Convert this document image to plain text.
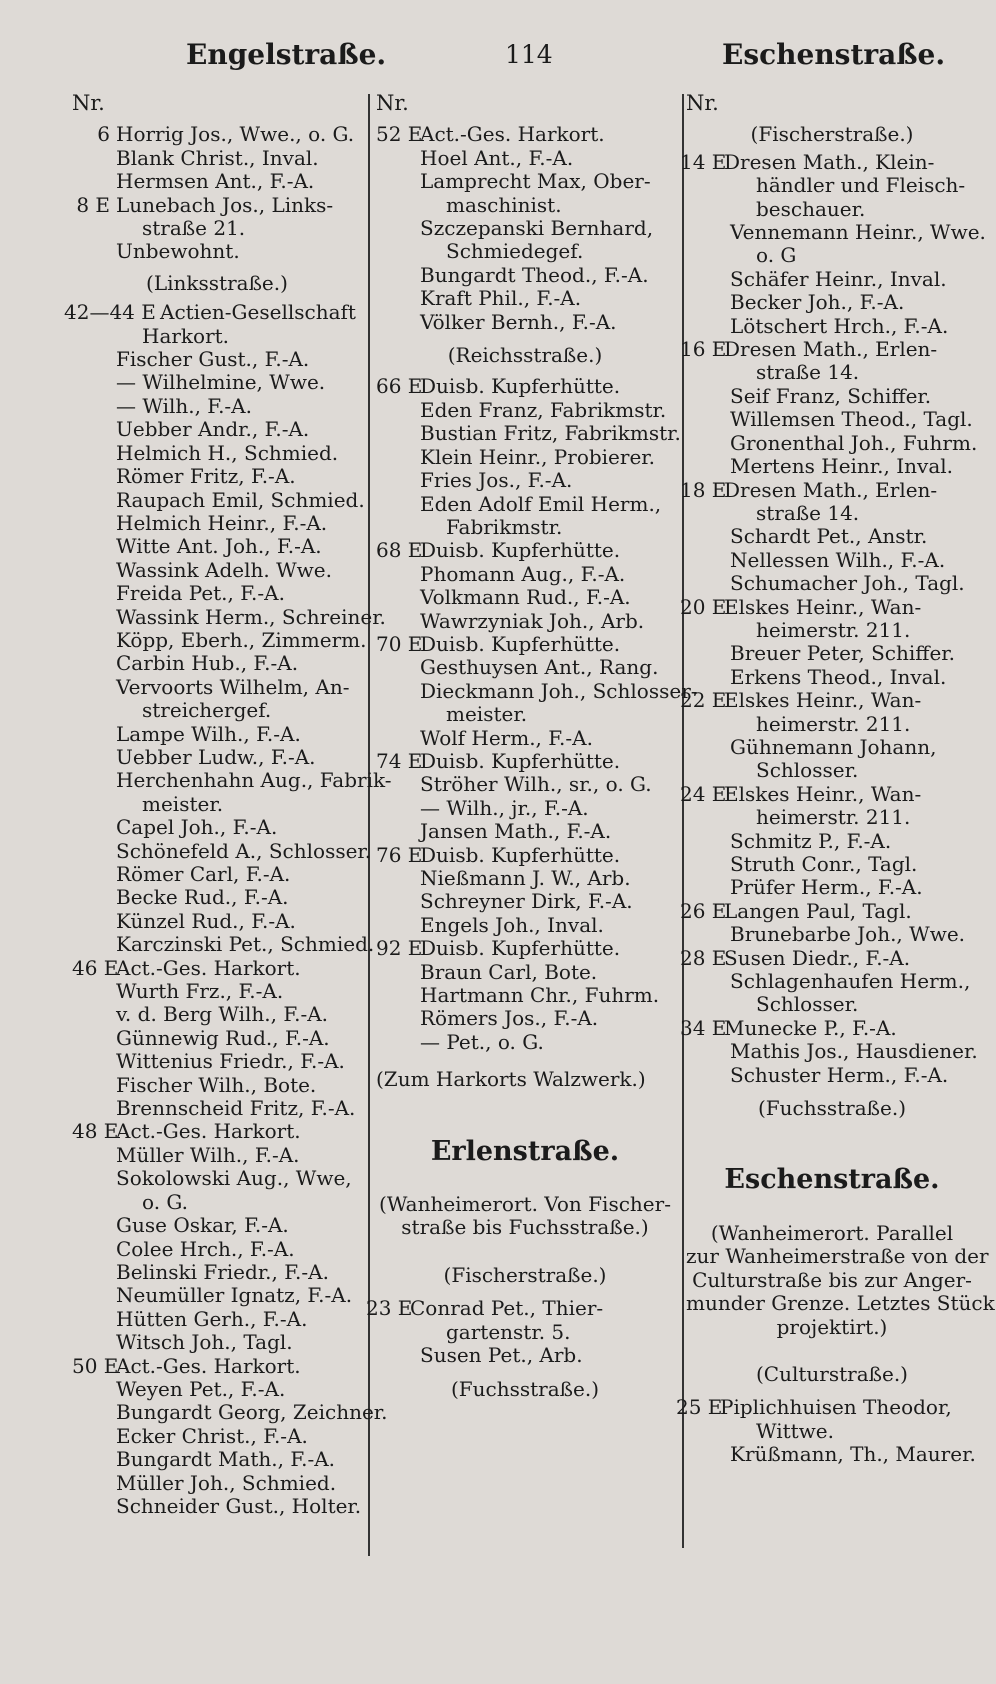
Engelstraße.	114	Eschenstraße.
Nr.
6 Horrig Jos., Wwe., o. G.
Blank Christ., Inval.
Hermsen Ant., F.-A.
8 E Lunebach Jos., Links-
straße 21.
Unbewohnt.
(Linksstraße.)
42—44 E Actien-Gesellschaft
Harkort.
Fischer Gust., F.-A.
— Wilhelmine, Wwe.
— Wilh., F.-A.
Uebber Andr., F.-A.
Helmich H., Schmied.
Römer Fritz, F.-A.
Raupach Emil, Schmied.
Helmich Heinr., F.-A.
Witte Ant. Joh., F.-A.
Wassink Adelh. Wwe.
Freida Pet., F.-A.
Wassink Herm., Schreiner.
Köpp, Eberh., Zimmerm.
Carbin Hub., F.-A.
Vervoorts Wilhelm, An-
streichergef.
Lampe Wilh., F.-A.
Uebber Ludw., F.-A.
Herchenhahn Aug., Fabrik-
meister.
Capel Joh., F.-A.
Schönefeld A., Schlosser.
Römer Carl, F.-A.
Becke Rud., F.-A.
Künzel Rud., F.-A.
Karczinski Pet., Schmied.
46 EAct.-Ges. Harkort.
Wurth Frz., F.-A.
v. d. Berg Wilh., F.-A.
Günnewig Rud., F.-A.
Wittenius Friedr., F.-A.
Fischer Wilh., Bote.
Brennscheid Fritz, F.-A.
48 EAct.-Ges. Harkort.
Müller Wilh., F.-A.
Sokolowski Aug., Wwe,
o. G.
Guse Oskar, F.-A.
Colee Hrch., F.-A.
Belinski Friedr., F.-A.
Neumüller Ignatz, F.-A.
Hütten Gerh., F.-A.
Witsch Joh., Tagl.
50 EAct.-Ges. Harkort.
Weyen Pet., F.-A.
Bungardt Georg, Zeichner.
Ecker Christ., F.-A.
Bungardt Math., F.-A.
Müller Joh., Schmied.
Schneider Gust., Holter.
Nr.
52 EAct.-Ges. Harkort.
Hoel Ant., F.-A.
Lamprecht Max, Ober-
maschinist.
Szczepanski Bernhard,
Schmiedegef.
Bungardt Theod., F.-A.
Kraft Phil., F.-A.
Völker Bernh., F.-A.
(Reichsstraße.)
66 EDuisb. Kupferhütte.
Eden Franz, Fabrikmstr.
Bustian Fritz, Fabrikmstr.
Klein Heinr., Probierer.
Fries Jos., F.-A.
Eden Adolf Emil Herm.,
Fabrikmstr.
68 EDuisb. Kupferhütte.
Phomann Aug., F.-A.
Volkmann Rud., F.-A.
Wawrzyniak Joh., Arb.
70 EDuisb. Kupferhütte.
Gesthuysen Ant., Rang.
Dieckmann Joh., Schlosser-
meister.
Wolf Herm., F.-A.
74 EDuisb. Kupferhütte.
Ströher Wilh., sr., o. G.
— Wilh., jr., F.-A.
Jansen Math., F.-A.
76 EDuisb. Kupferhütte.
Nießmann J. W., Arb.
Schreyner Dirk, F.-A.
Engels Joh., Inval.
92 EDuisb. Kupferhütte.
Braun Carl, Bote.
Hartmann Chr., Fuhrm.
Römers Jos., F.-A.
— Pet., o. G.
(Zum Harkorts Walzwerk.)
Erlenstraße.
(Wanheimerort. Von Fischer-
straße bis Fuchsstraße.)
(Fischerstraße.)
23 EConrad Pet., Thier-
gartenstr. 5.
Susen Pet., Arb.
(Fuchsstraße.)
Nr.
(Fischerstraße.)
14 EDresen Math., Klein-
händler und Fleisch-
beschauer.
Vennemann Heinr., Wwe.
o. G
Schäfer Heinr., Inval.
Becker Joh., F.-A.
Lötschert Hrch., F.-A.
16 EDresen Math., Erlen-
straße 14.
Seif Franz, Schiffer.
Willemsen Theod., Tagl.
Gronenthal Joh., Fuhrm.
Mertens Heinr., Inval.
18 EDresen Math., Erlen-
straße 14.
Schardt Pet., Anstr.
Nellessen Wilh., F.-A.
Schumacher Joh., Tagl.
20 EElskes Heinr., Wan-
heimerstr. 211.
Breuer Peter, Schiffer.
Erkens Theod., Inval.
22 EElskes Heinr., Wan-
heimerstr. 211.
Gühnemann Johann,
Schlosser.
24 EElskes Heinr., Wan-
heimerstr. 211.
Schmitz P., F.-A.
Struth Conr., Tagl.
Prüfer Herm., F.-A.
26 ELangen Paul, Tagl.
Brunebarbe Joh., Wwe.
28 ESusen Diedr., F.-A.
Schlagenhaufen Herm.,
Schlosser.
34 EMunecke P., F.-A.
Mathis Jos., Hausdiener.
Schuster Herm., F.-A.
(Fuchsstraße.)
Eschenstraße.
(Wanheimerort. Parallel
zur Wanheimerstraße von der
Culturstraße bis zur Anger-
munder Grenze. Letztes Stück
projektirt.)
(Culturstraße.)
25 EPiplichhuisen Theodor,
Wittwe.
Krüßmann, Th., Maurer.
